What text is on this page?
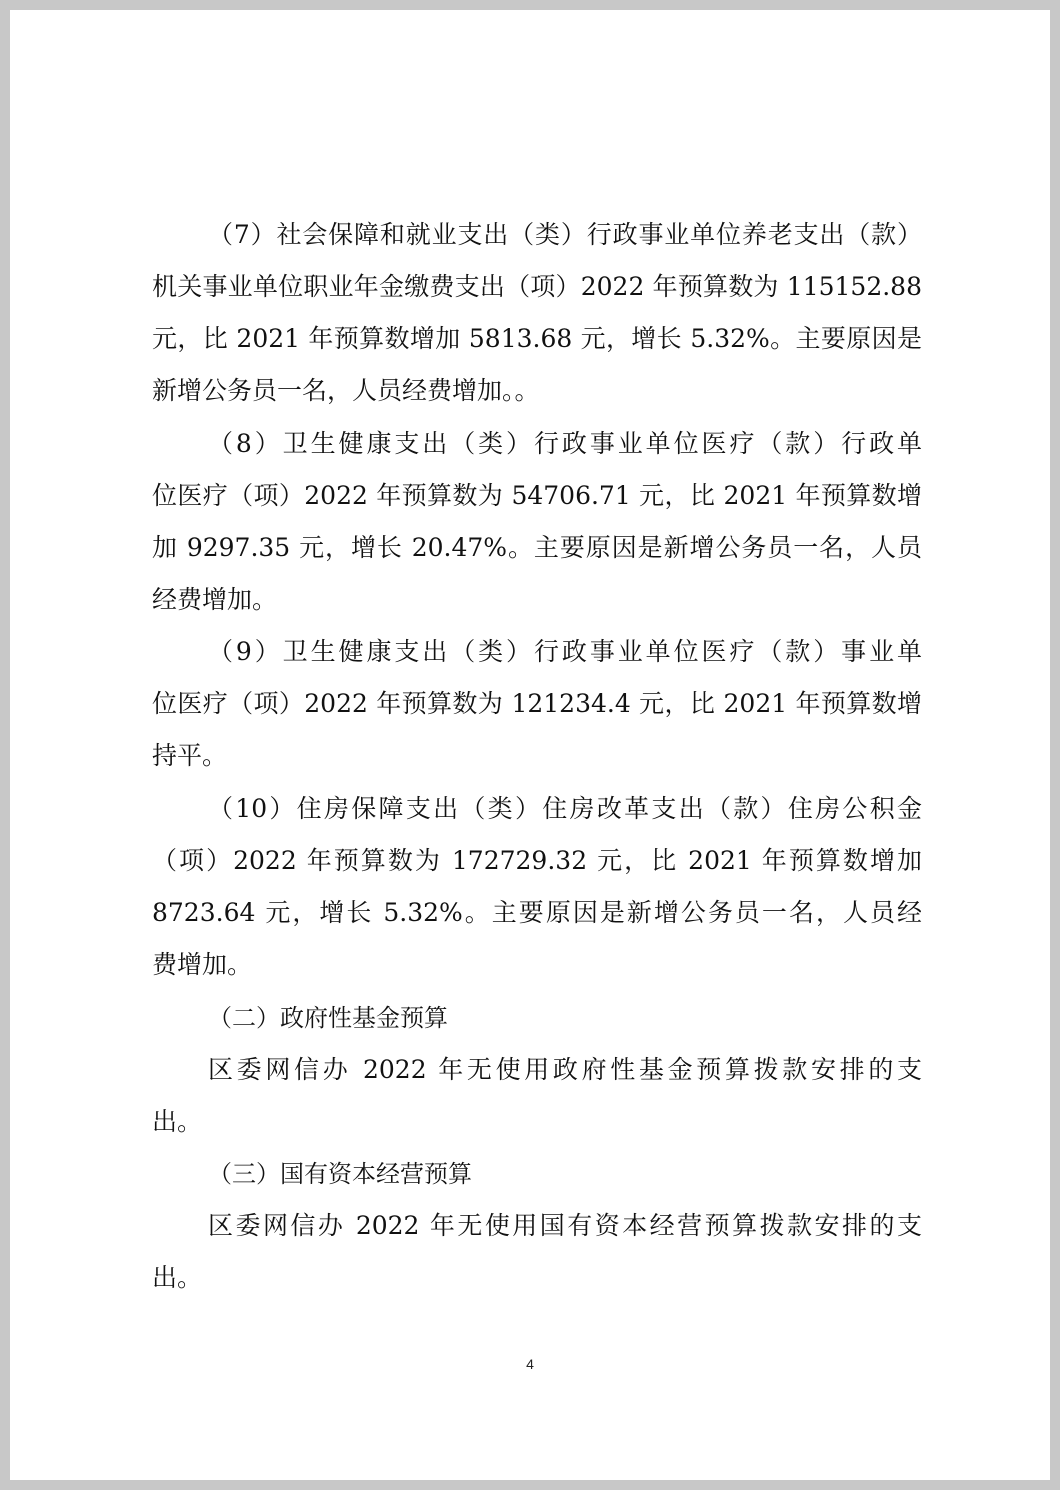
（7）社会保障和就业支出（类）行政事业单位养老支出（款）
机关事业单位职业年金缴费支出（项）2022 年预算数为 115152.88
元，比 2021 年预算数增加 5813.68 元，增长 5.32%。主要原因是
新增公务员一名，人员经费增加。。
（8）卫生健康支出（类）行政事业单位医疗（款）行政单
位医疗（项）2022 年预算数为 54706.71 元，比 2021 年预算数增
加 9297.35 元，增长 20.47%。主要原因是新增公务员一名，人员
经费增加。
（9）卫生健康支出（类）行政事业单位医疗（款）事业单
位医疗（项）2022 年预算数为 121234.4 元，比 2021 年预算数增
持平。
（10）住房保障支出（类）住房改革支出（款）住房公积金
（项）2022 年预算数为 172729.32 元，比 2021 年预算数增加
8723.64 元，增长 5.32%。主要原因是新增公务员一名，人员经
费增加。
（二）政府性基金预算
区委网信办 2022 年无使用政府性基金预算拨款安排的支
出。
（三）国有资本经营预算
区委网信办 2022 年无使用国有资本经营预算拨款安排的支
出。
4
